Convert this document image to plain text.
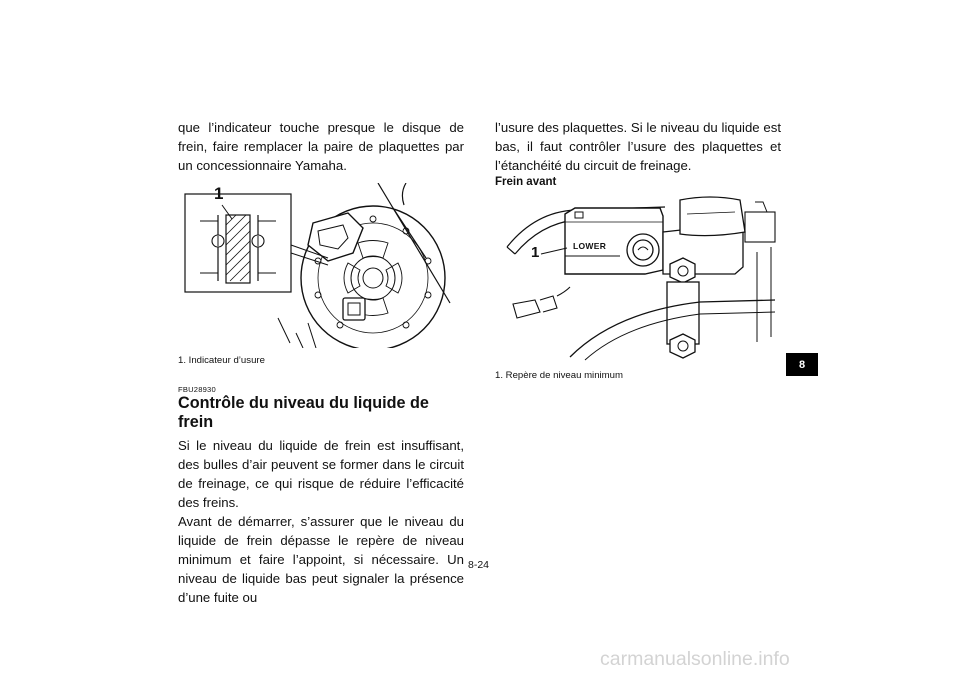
que l’indicateur touche presque le disque de frein, faire remplacer la paire de plaquettes par un concessionnaire Yamaha.

1

1. Indicateur d’usure

FBU28930

Contrôle du niveau du liquide de frein

Si le niveau du liquide de frein est insuffisant, des bulles d’air peuvent se former dans le circuit de freinage, ce qui risque de réduire l’efficacité des freins.

Avant de démarrer, s’assurer que le niveau du liquide de frein dépasse le repère de niveau minimum et faire l’appoint, si nécessaire. Un niveau de liquide bas peut signaler la présence d’une fuite ou

l’usure des plaquettes. Si le niveau du liquide est bas, il faut contrôler l’usure des plaquettes et l’étanchéité du circuit de freinage.

Frein avant

1	LOWER

1. Repère de niveau minimum

8-24
8
carmanualsonline.info
